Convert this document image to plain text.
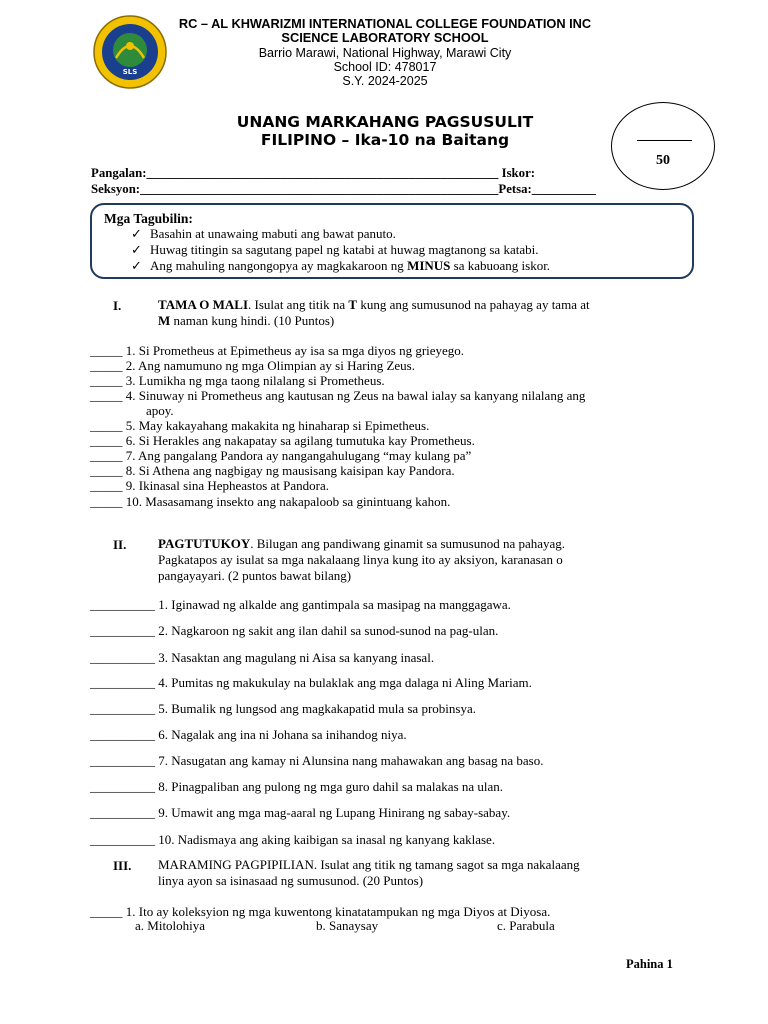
SLS
RC – AL KHWARIZMI INTERNATIONAL COLLEGE FOUNDATION INC
SCIENCE LABORATORY SCHOOL
Barrio Marawi, National Highway, Marawi City
School ID: 478017
S.Y. 2024-2025
UNANG MARKAHANG PAGSUSULIT
FILIPINO – Ika-10 na Baitang
50
Pangalan:_______________________________________________________ Iskor:
Seksyon:________________________________________________________Petsa:__________
Mga Tagubilin:
✓ Basahin at unawaing mabuti ang bawat panuto.
✓ Huwag titingin sa sagutang papel ng katabi at huwag magtanong sa katabi.
✓ Ang mahuling nangongopya ay magkakaroon ng MINUS sa kabuoang iskor.
I.	TAMA O MALI. Isulat ang titik na T kung ang sumusunod na pahayag ay tama at
M naman kung hindi. (10 Puntos)
_____ 1. Si Prometheus at Epimetheus ay isa sa mga diyos ng grieyego.
_____ 2. Ang namumuno ng mga Olimpian ay si Haring Zeus.
_____ 3. Lumikha ng mga taong nilalang si Prometheus.
_____ 4. Sinuway ni Prometheus ang kautusan ng Zeus na bawal ialay sa kanyang nilalang ang
apoy.
_____ 5. May kakayahang makakita ng hinaharap si Epimetheus.
_____ 6. Si Herakles ang nakapatay sa agilang tumutuka kay Prometheus.
_____ 7. Ang pangalang Pandora ay nangangahulugang “may kulang pa”
_____ 8. Si Athena ang nagbigay ng mausisang kaisipan kay Pandora.
_____ 9. Ikinasal sina Hepheastos at Pandora.
_____ 10. Masasamang insekto ang nakapaloob sa ginintuang kahon.
II. PAGTUTUKOY. Bilugan ang pandiwang ginamit sa sumusunod na pahayag.
Pagkatapos ay isulat sa mga nakalaang linya kung ito ay aksiyon, karanasan o
pangayayari. (2 puntos bawat bilang)
__________ 1. Iginawad ng alkalde ang gantimpala sa masipag na manggagawa.
__________ 2. Nagkaroon ng sakit ang ilan dahil sa sunod-sunod na pag-ulan.
__________ 3. Nasaktan ang magulang ni Aisa sa kanyang inasal.
__________ 4. Pumitas ng makukulay na bulaklak ang mga dalaga ni Aling Mariam.
__________ 5. Bumalik ng lungsod ang magkakapatid mula sa probinsya.
__________ 6. Nagalak ang ina ni Johana sa inihandog niya.
__________ 7. Nasugatan ang kamay ni Alunsina nang mahawakan ang basag na baso.
__________ 8. Pinagpaliban ang pulong ng mga guro dahil sa malakas na ulan.
__________ 9. Umawit ang mga mag-aaral ng Lupang Hinirang ng sabay-sabay.
__________ 10. Nadismaya ang aking kaibigan sa inasal ng kanyang kaklase.
III. MARAMING PAGPIPILIAN. Isulat ang titik ng tamang sagot sa mga nakalaang
linya ayon sa isinasaad ng sumusunod. (20 Puntos)
_____ 1. Ito ay koleksyion ng mga kuwentong kinatatampukan ng mga Diyos at Diyosa.
a. Mitolohiya	b. Sanaysay	c. Parabula
Pahina 1
